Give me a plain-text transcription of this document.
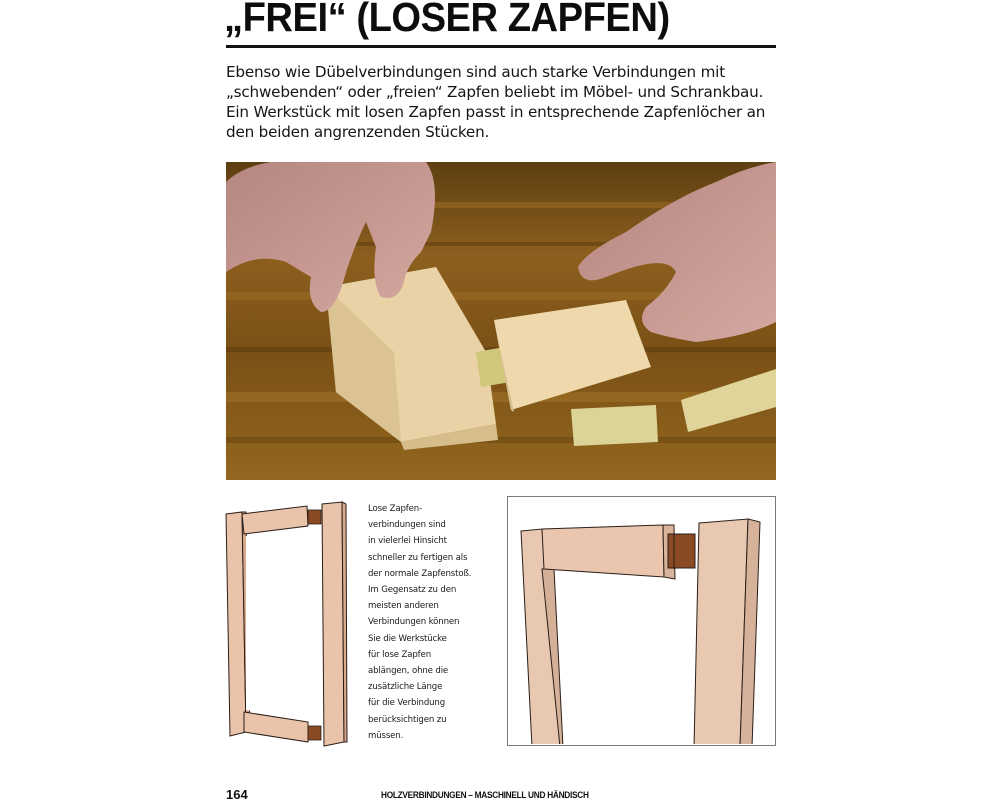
„FREI“ (LOSER ZAPFEN)
Ebenso wie Dübelverbindungen sind auch starke Verbindungen mit
„schwebenden“ oder „freien“ Zapfen beliebt im Möbel- und Schrankbau.
Ein Werkstück mit losen Zapfen passt in entsprechende Zapfenlöcher an
den beiden angrenzenden Stücken.
Lose Zapfen-
verbindungen sind
in vielerlei Hinsicht
schneller zu fertigen als
der normale Zapfenstoß.
Im Gegensatz zu den
meisten anderen
Verbindungen können
Sie die Werkstücke
für lose Zapfen
ablängen, ohne die
zusätzliche Länge
für die Verbindung
berücksichtigen zu
müssen.
164	HOLZVERBINDUNGEN – MASCHINELL UND HÄNDISCH
